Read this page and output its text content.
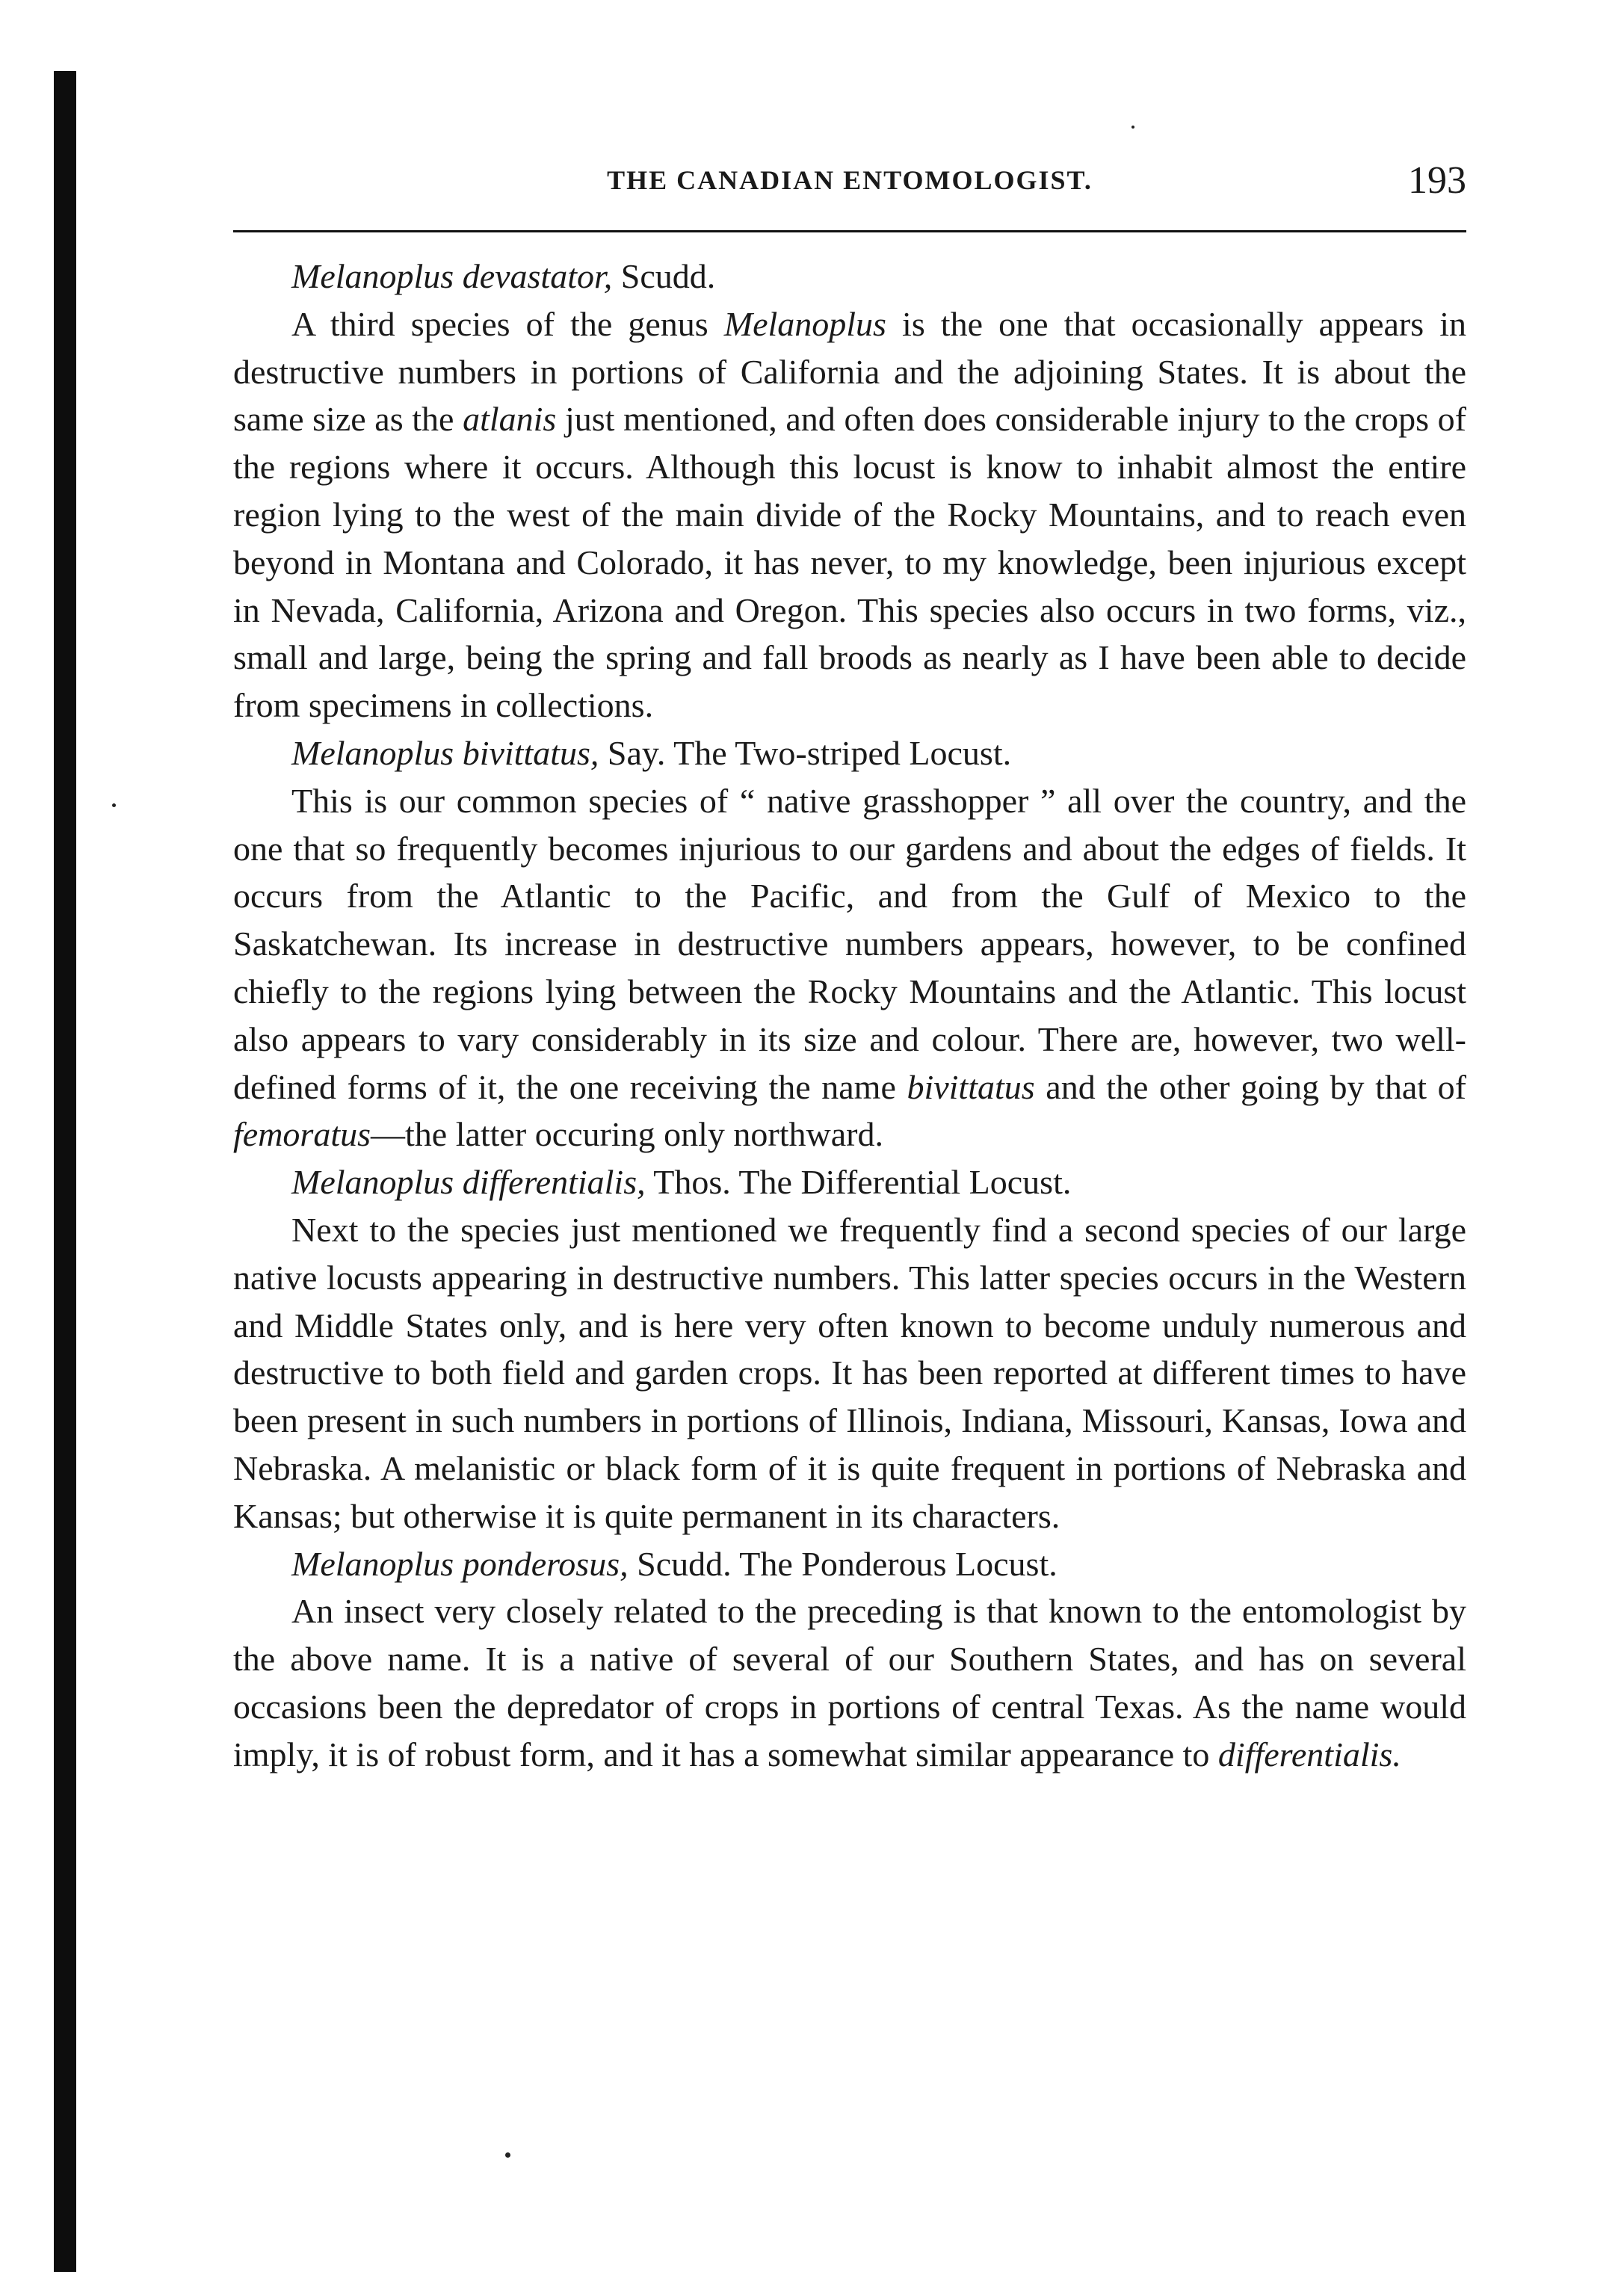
THE CANADIAN ENTOMOLOGIST.	193

Melanoplus devastator, Scudd.

A third species of the genus Melanoplus is the one that occasionally appears in destructive numbers in portions of California and the adjoining States. It is about the same size as the atlanis just mentioned, and often does considerable injury to the crops of the regions where it occurs. Although this locust is know to inhabit almost the entire region lying to the west of the main divide of the Rocky Mountains, and to reach even beyond in Montana and Colorado, it has never, to my knowledge, been injurious except in Nevada, California, Arizona and Oregon. This species also occurs in two forms, viz., small and large, being the spring and fall broods as nearly as I have been able to decide from specimens in collections.

Melanoplus bivittatus, Say. The Two-striped Locust.

This is our common species of “ native grasshopper ” all over the country, and the one that so frequently becomes injurious to our gardens and about the edges of fields. It occurs from the Atlantic to the Pacific, and from the Gulf of Mexico to the Saskatchewan. Its increase in destructive numbers appears, however, to be confined chiefly to the regions lying between the Rocky Mountains and the Atlantic. This locust also appears to vary considerably in its size and colour. There are, however, two well-defined forms of it, the one receiving the name bivittatus and the other going by that of femoratus—the latter occuring only northward.

Melanoplus differentialis, Thos. The Differential Locust.

Next to the species just mentioned we frequently find a second species of our large native locusts appearing in destructive numbers. This latter species occurs in the Western and Middle States only, and is here very often known to become unduly numerous and destructive to both field and garden crops. It has been reported at different times to have been present in such numbers in portions of Illinois, Indiana, Missouri, Kansas, Iowa and Nebraska. A melanistic or black form of it is quite frequent in portions of Nebraska and Kansas; but otherwise it is quite permanent in its characters.

Melanoplus ponderosus, Scudd. The Ponderous Locust.

An insect very closely related to the preceding is that known to the entomologist by the above name. It is a native of several of our Southern States, and has on several occasions been the depredator of crops in portions of central Texas. As the name would imply, it is of robust form, and it has a somewhat similar appearance to differentialis.
